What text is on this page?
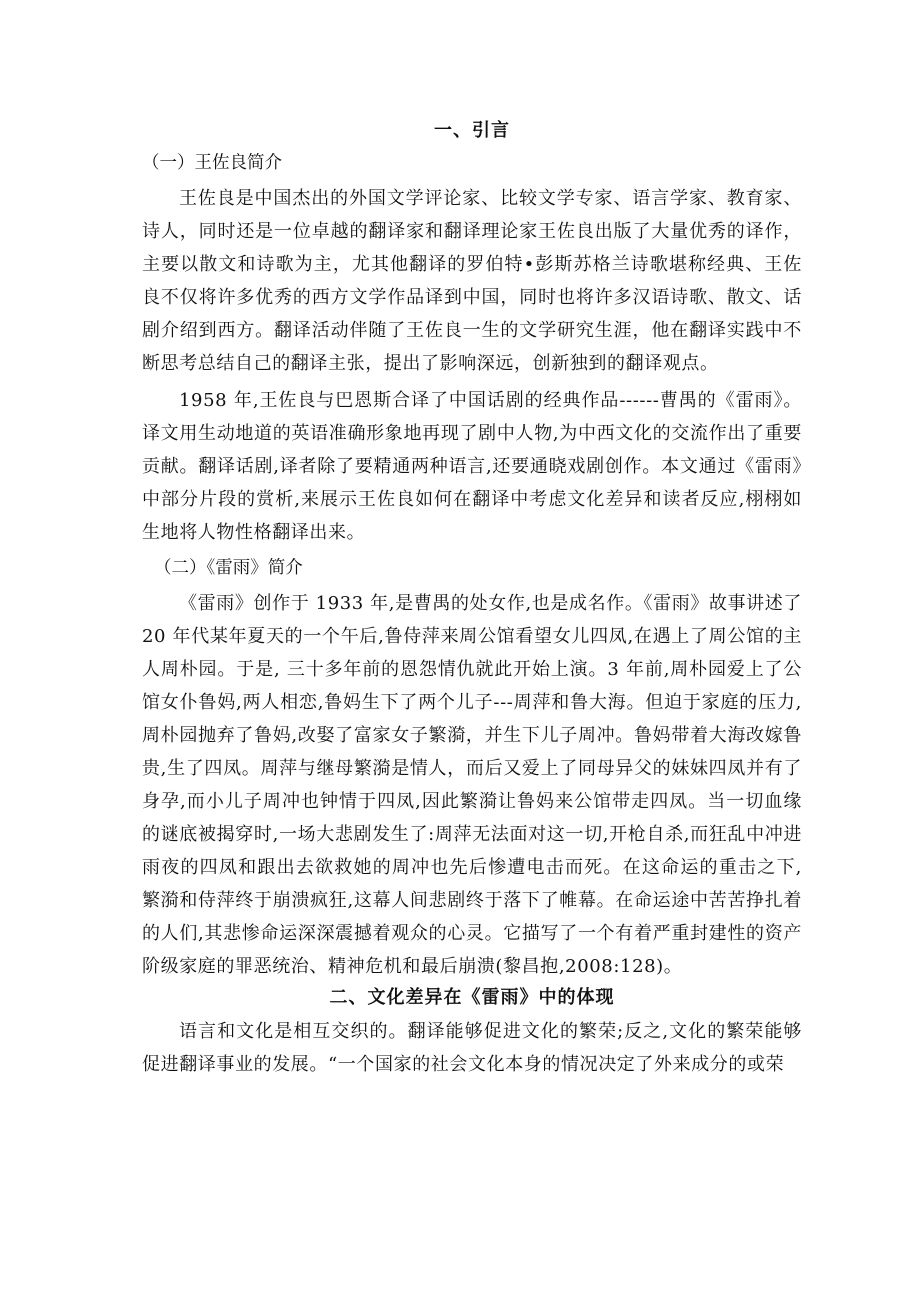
一、引言

（一）王佐良简介

王佐良是中国杰出的外国文学评论家、比较文学专家、语言学家、教育家、诗人，同时还是一位卓越的翻译家和翻译理论家王佐良出版了大量优秀的译作，主要以散文和诗歌为主，尤其他翻译的罗伯特•彭斯苏格兰诗歌堪称经典、王佐良不仅将许多优秀的西方文学作品译到中国，同时也将许多汉语诗歌、散文、话剧介绍到西方。翻译活动伴随了王佐良一生的文学研究生涯，他在翻译实践中不断思考总结自己的翻译主张，提出了影响深远，创新独到的翻译观点。

1958 年,王佐良与巴恩斯合译了中国话剧的经典作品------曹禺的《雷雨》。译文用生动地道的英语准确形象地再现了剧中人物,为中西文化的交流作出了重要贡献。翻译话剧,译者除了要精通两种语言,还要通晓戏剧创作。本文通过《雷雨》中部分片段的赏析,来展示王佐良如何在翻译中考虑文化差异和读者反应,栩栩如生地将人物性格翻译出来。

（二）《雷雨》简介

《雷雨》创作于 1933 年,是曹禺的处女作,也是成名作。《雷雨》故事讲述了 20 年代某年夏天的一个午后,鲁侍萍来周公馆看望女儿四凤,在遇上了周公馆的主人周朴园。于是, 三十多年前的恩怨情仇就此开始上演。3 年前,周朴园爱上了公馆女仆鲁妈,两人相恋,鲁妈生下了两个儿子---周萍和鲁大海。但迫于家庭的压力,周朴园抛弃了鲁妈,改娶了富家女子繁漪，并生下儿子周冲。鲁妈带着大海改嫁鲁贵,生了四凤。周萍与继母繁漪是情人，而后又爱上了同母异父的妹妹四凤并有了身孕,而小儿子周冲也钟情于四凤,因此繁漪让鲁妈来公馆带走四凤。当一切血缘的谜底被揭穿时,一场大悲剧发生了:周萍无法面对这一切,开枪自杀,而狂乱中冲进雨夜的四凤和跟出去欲救她的周冲也先后惨遭电击而死。在这命运的重击之下, 繁漪和侍萍终于崩溃疯狂,这幕人间悲剧终于落下了帷幕。在命运途中苦苦挣扎着的人们,其悲惨命运深深震撼着观众的心灵。它描写了一个有着严重封建性的资产阶级家庭的罪恶统治、精神危机和最后崩溃(黎昌抱,2008:128)。

二、文化差异在《雷雨》中的体现

语言和文化是相互交织的。翻译能够促进文化的繁荣;反之,文化的繁荣能够促进翻译事业的发展。“一个国家的社会文化本身的情况决定了外来成分的或荣
